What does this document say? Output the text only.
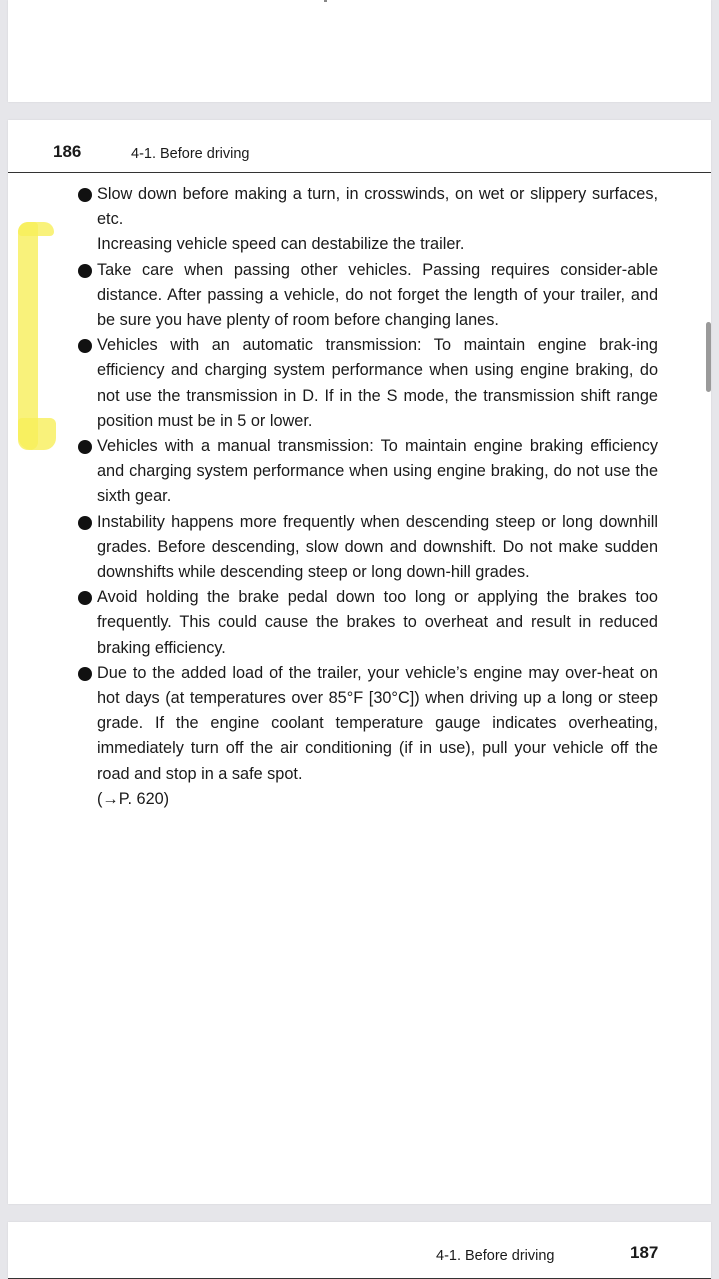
186	4-1. Before driving
Slow down before making a turn, in crosswinds, on wet or slippery surfaces, etc.
Increasing vehicle speed can destabilize the trailer.
Take care when passing other vehicles. Passing requires consider-able distance. After passing a vehicle, do not forget the length of your trailer, and be sure you have plenty of room before changing lanes.
Vehicles with an automatic transmission: To maintain engine brak-ing efficiency and charging system performance when using engine braking, do not use the transmission in D. If in the S mode, the transmission shift range position must be in 5 or lower.
Vehicles with a manual transmission: To maintain engine braking efficiency and charging system performance when using engine braking, do not use the sixth gear.
Instability happens more frequently when descending steep or long downhill grades. Before descending, slow down and downshift. Do not make sudden downshifts while descending steep or long down-hill grades.
Avoid holding the brake pedal down too long or applying the brakes too frequently. This could cause the brakes to overheat and result in reduced braking efficiency.
Due to the added load of the trailer, your vehicle’s engine may over-heat on hot days (at temperatures over 85°F [30°C]) when driving up a long or steep grade. If the engine coolant temperature gauge indicates overheating, immediately turn off the air conditioning (if in use), pull your vehicle off the road and stop in a safe spot.
(→P. 620)
4-1. Before driving	187
